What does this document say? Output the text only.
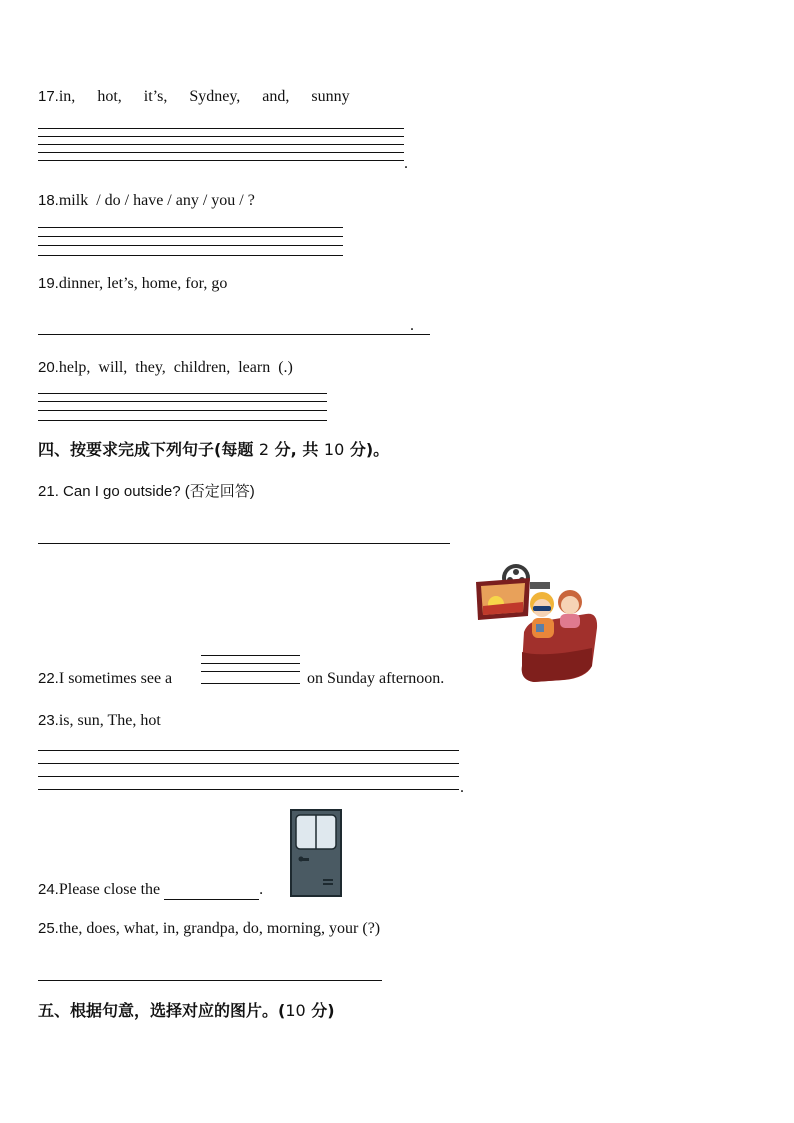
17.in, hot, it’s, Sydney, and, sunny
.
18.milk  / do / have / any / you / ?
19.dinner, let’s, home, for, go
.
20.help,  will,  they,  children,  learn  (.)
四、按要求完成下列句子(每题 2 分, 共 10 分)。
21. Can I go outside? (否定回答)
22.I sometimes see a	on Sunday afternoon.
23.is, sun, The, hot
.
24.Please close the	.
25.the, does, what, in, grandpa, do, morning, your (?)
五、根据句意，选择对应的图片。(10 分)
